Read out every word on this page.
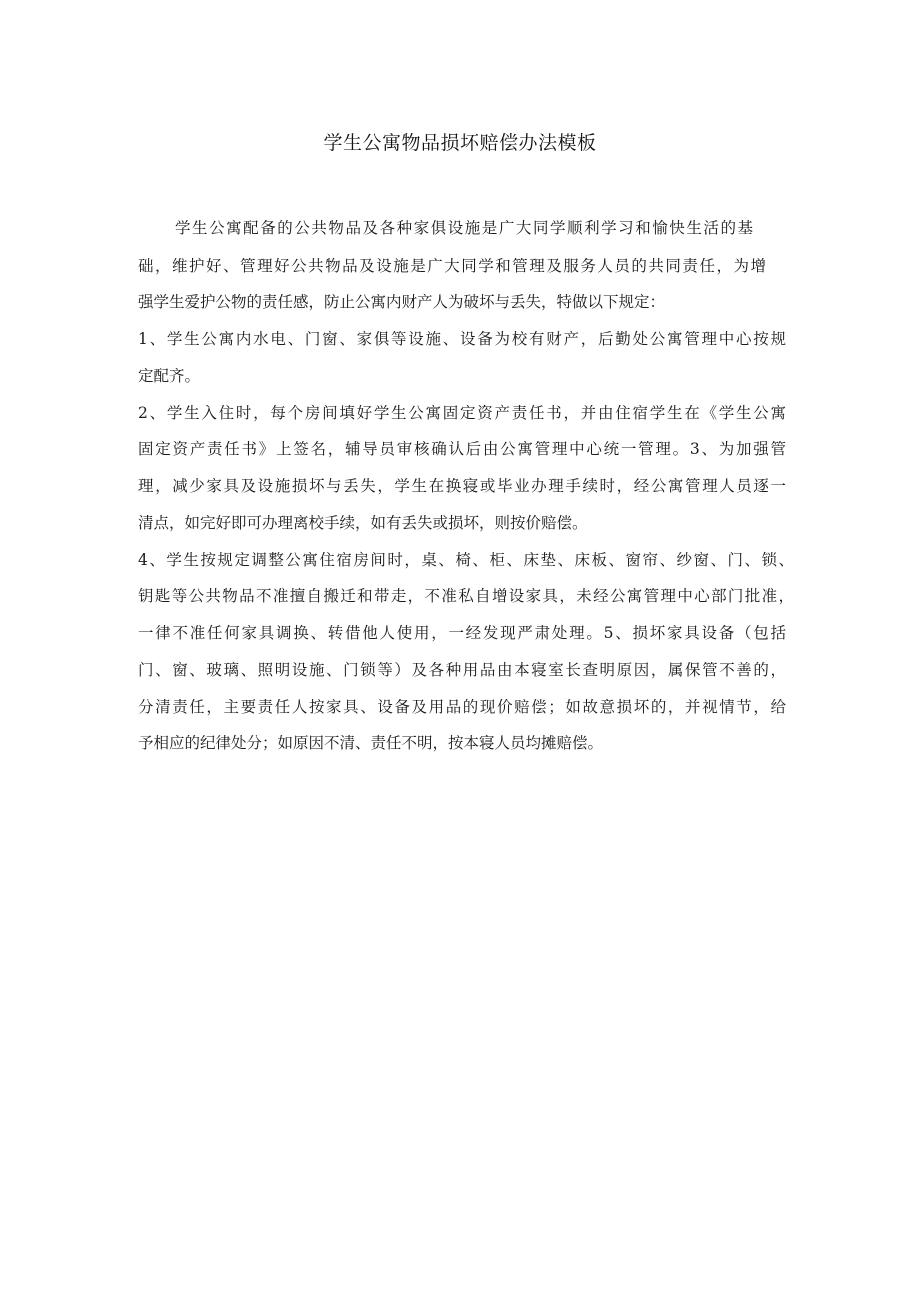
学生公寓物品损坏赔偿办法模板
学生公寓配备的公共物品及各种家俱设施是广大同学顺利学习和愉快生活的基
础，维护好、管理好公共物品及设施是广大同学和管理及服务人员的共同责任，为增
强学生爱护公物的责任感，防止公寓内财产人为破坏与丢失，特做以下规定：
1、学生公寓内水电、门窗、家俱等设施、设备为校有财产，后勤处公寓管理中心按规
定配齐。
2、学生入住时，每个房间填好学生公寓固定资产责任书，并由住宿学生在《学生公寓
固定资产责任书》上签名，辅导员审核确认后由公寓管理中心统一管理。3、为加强管
理，减少家具及设施损坏与丢失，学生在换寝或毕业办理手续时，经公寓管理人员逐一
清点，如完好即可办理离校手续，如有丢失或损坏，则按价赔偿。
4、学生按规定调整公寓住宿房间时，桌、椅、柜、床垫、床板、窗帘、纱窗、门、锁、
钥匙等公共物品不准擅自搬迁和带走，不准私自增设家具，未经公寓管理中心部门批准，
一律不准任何家具调换、转借他人使用，一经发现严肃处理。5、损坏家具设备（包括
门、窗、玻璃、照明设施、门锁等）及各种用品由本寝室长查明原因，属保管不善的，
分清责任，主要责任人按家具、设备及用品的现价赔偿；如故意损坏的，并视情节，给
予相应的纪律处分；如原因不清、责任不明，按本寝人员均摊赔偿。
